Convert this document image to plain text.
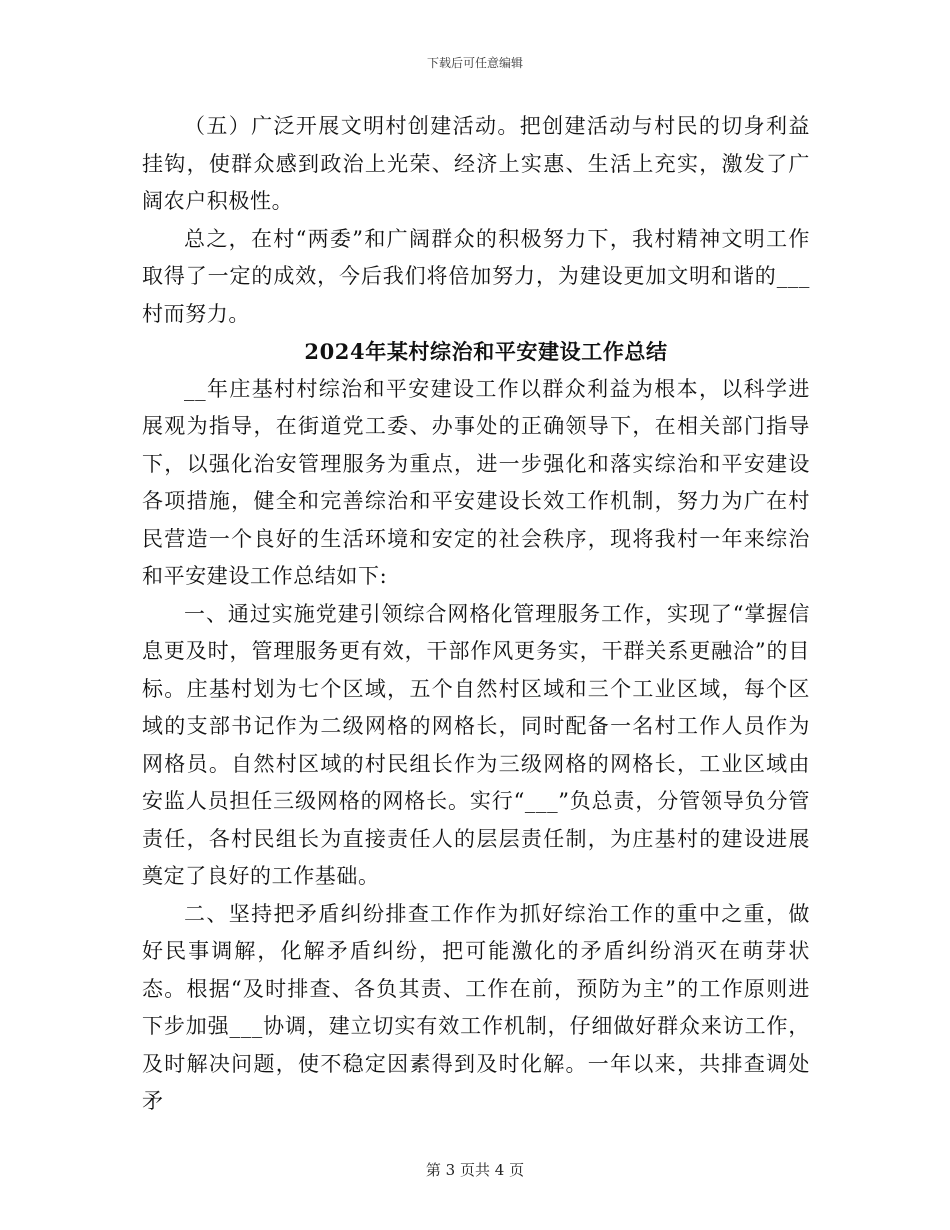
下载后可任意编辑

（五）广泛开展文明村创建活动。把创建活动与村民的切身利益挂钩，使群众感到政治上光荣、经济上实惠、生活上充实，激发了广阔农户积极性。

总之，在村“两委”和广阔群众的积极努力下，我村精神文明工作取得了一定的成效，今后我们将倍加努力，为建设更加文明和谐的___村而努力。

2024年某村综治和平安建设工作总结

__年庄基村村综治和平安建设工作以群众利益为根本，以科学进展观为指导，在街道党工委、办事处的正确领导下，在相关部门指导下，以强化治安管理服务为重点，进一步强化和落实综治和平安建设各项措施，健全和完善综治和平安建设长效工作机制，努力为广在村民营造一个良好的生活环境和安定的社会秩序，现将我村一年来综治和平安建设工作总结如下:

一、通过实施党建引领综合网格化管理服务工作，实现了“掌握信息更及时，管理服务更有效，干部作风更务实，干群关系更融洽”的目标。庄基村划为七个区域，五个自然村区域和三个工业区域，每个区域的支部书记作为二级网格的网格长，同时配备一名村工作人员作为网格员。自然村区域的村民组长作为三级网格的网格长，工业区域由安监人员担任三级网格的网格长。实行“___”负总责，分管领导负分管责任，各村民组长为直接责任人的层层责任制，为庄基村的建设进展奠定了良好的工作基础。

二、坚持把矛盾纠纷排查工作作为抓好综治工作的重中之重，做好民事调解，化解矛盾纠纷，把可能激化的矛盾纠纷消灭在萌芽状态。根据“及时排查、各负其责、工作在前，预防为主”的工作原则进下步加强___协调，建立切实有效工作机制，仔细做好群众来访工作，及时解决问题，使不稳定因素得到及时化解。一年以来，共排查调处矛

第 3 页共 4 页
